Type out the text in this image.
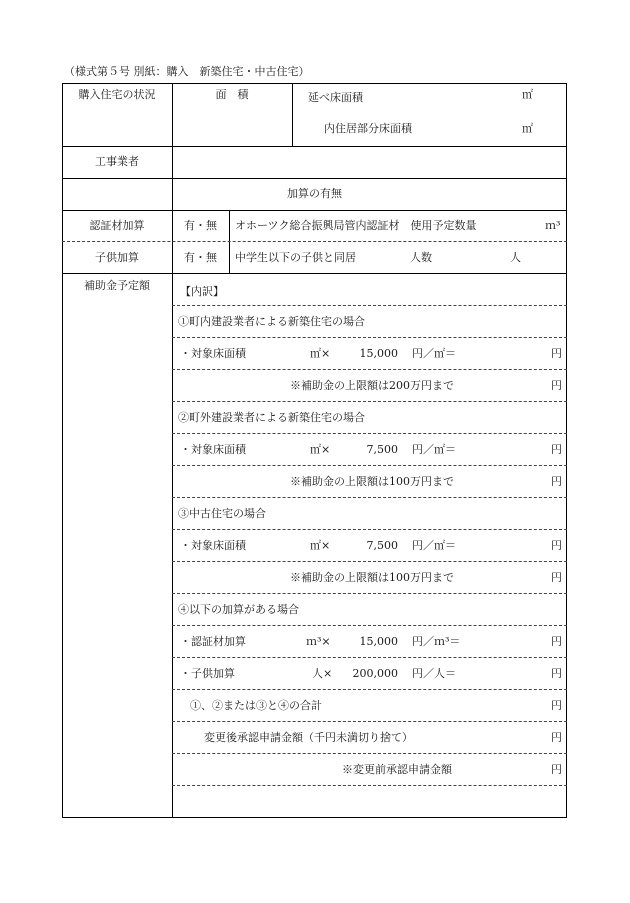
（様式第５号 別紙：購入　新築住宅・中古住宅）
購入住宅の状況	面　積	延べ床面積	㎡
内住居部分床面積	㎡
工事業者
加算の有無
認証材加算	有・無	オホーツク総合振興局管内認証材　使用予定数量	ｍ³
子供加算	有・無	中学生以下の子供と同居	人数	人
補助金予定額	【内訳】
①町内建設業者による新築住宅の場合
・対象床面積	㎡×	15,000 円／㎡＝	円
※補助金の上限額は200万円まで	円
②町外建設業者による新築住宅の場合
・対象床面積	㎡×	7,500 円／㎡＝	円
※補助金の上限額は100万円まで	円
③中古住宅の場合
・対象床面積	㎡×	7,500 円／㎡＝	円
※補助金の上限額は100万円まで	円
④以下の加算がある場合
・認証材加算	ｍ³×	15,000 円／ｍ³＝	円
・子供加算	人×	200,000 円／人＝	円
①、②または③と④の合計	円
変更後承認申請金額（千円未満切り捨て）	円
※変更前承認申請金額	円
